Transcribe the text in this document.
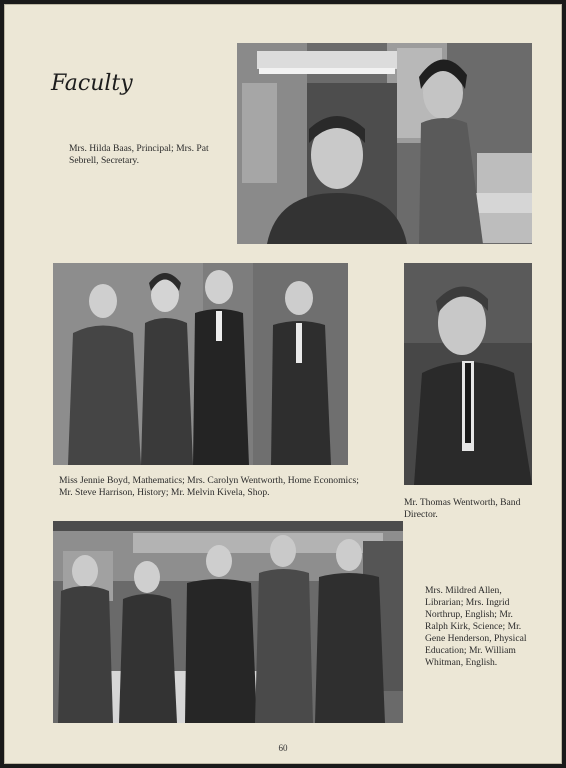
Faculty
Mrs. Hilda Baas, Principal; Mrs. Pat Sebrell, Secretary.
Miss Jennie Boyd, Mathematics; Mrs. Carolyn Wentworth, Home Economics; Mr. Steve Harrison, History; Mr. Melvin Kivela, Shop.
Mr. Thomas Wentworth, Band Director.
Mrs. Mildred Allen, Librarian; Mrs. Ingrid Northrup, English; Mr. Ralph Kirk, Science; Mr. Gene Henderson, Physical Education; Mr. William Whitman, English.
60
